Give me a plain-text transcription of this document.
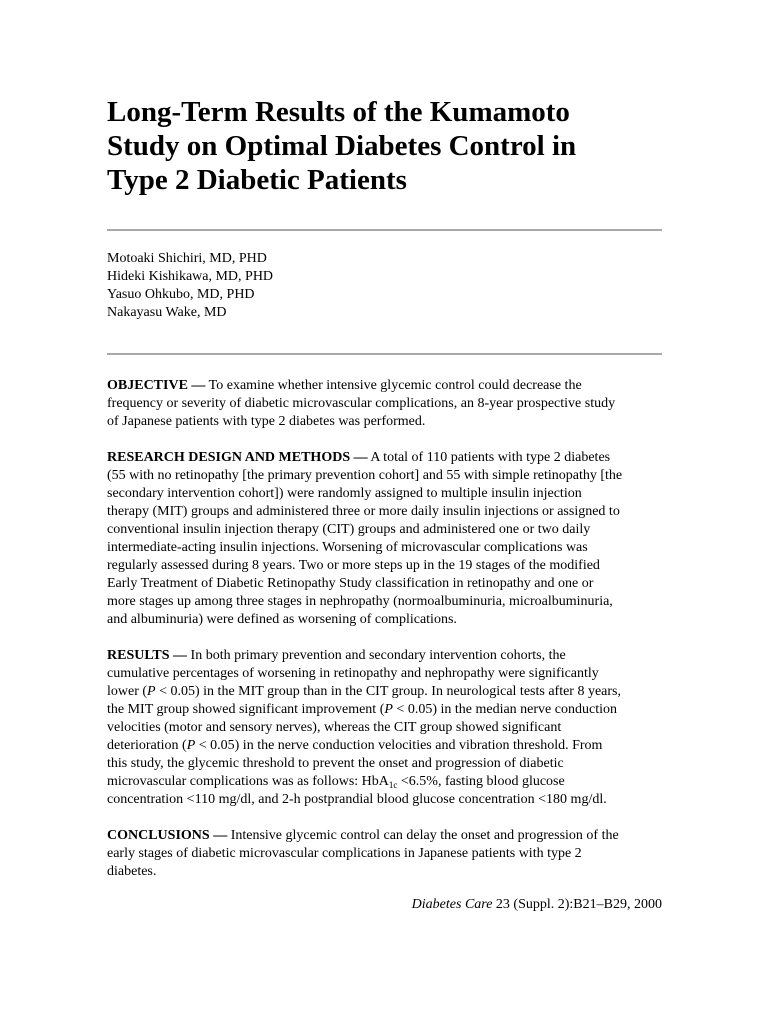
Long-Term Results of the Kumamoto
Study on Optimal Diabetes Control in
Type 2 Diabetic Patients
Motoaki Shichiri, MD, PHD
Hideki Kishikawa, MD, PHD
Yasuo Ohkubo, MD, PHD
Nakayasu Wake, MD

OBJECTIVE — To examine whether intensive glycemic control could decrease the
frequency or severity of diabetic microvascular complications, an 8-year prospective study
of Japanese patients with type 2 diabetes was performed.

RESEARCH DESIGN AND METHODS — A total of 110 patients with type 2 diabetes
(55 with no retinopathy [the primary prevention cohort] and 55 with simple retinopathy [the
secondary intervention cohort]) were randomly assigned to multiple insulin injection
therapy (MIT) groups and administered three or more daily insulin injections or assigned to
conventional insulin injection therapy (CIT) groups and administered one or two daily
intermediate-acting insulin injections. Worsening of microvascular complications was
regularly assessed during 8 years. Two or more steps up in the 19 stages of the modified
Early Treatment of Diabetic Retinopathy Study classification in retinopathy and one or
more stages up among three stages in nephropathy (normoalbuminuria, microalbuminuria,
and albuminuria) were defined as worsening of complications.

RESULTS — In both primary prevention and secondary intervention cohorts, the
cumulative percentages of worsening in retinopathy and nephropathy were significantly
lower (P < 0.05) in the MIT group than in the CIT group. In neurological tests after 8 years,
the MIT group showed significant improvement (P < 0.05) in the median nerve conduction
velocities (motor and sensory nerves), whereas the CIT group showed significant
deterioration (P < 0.05) in the nerve conduction velocities and vibration threshold. From
this study, the glycemic threshold to prevent the onset and progression of diabetic
microvascular complications was as follows: HbA$_{1c}$ <6.5%, fasting blood glucose
concentration <110 mg/dl, and 2-h postprandial blood glucose concentration <180 mg/dl.

CONCLUSIONS — Intensive glycemic control can delay the onset and progression of the
early stages of diabetic microvascular complications in Japanese patients with type 2
diabetes.

Diabetes Care 23 (Suppl. 2):B21–B29, 2000
